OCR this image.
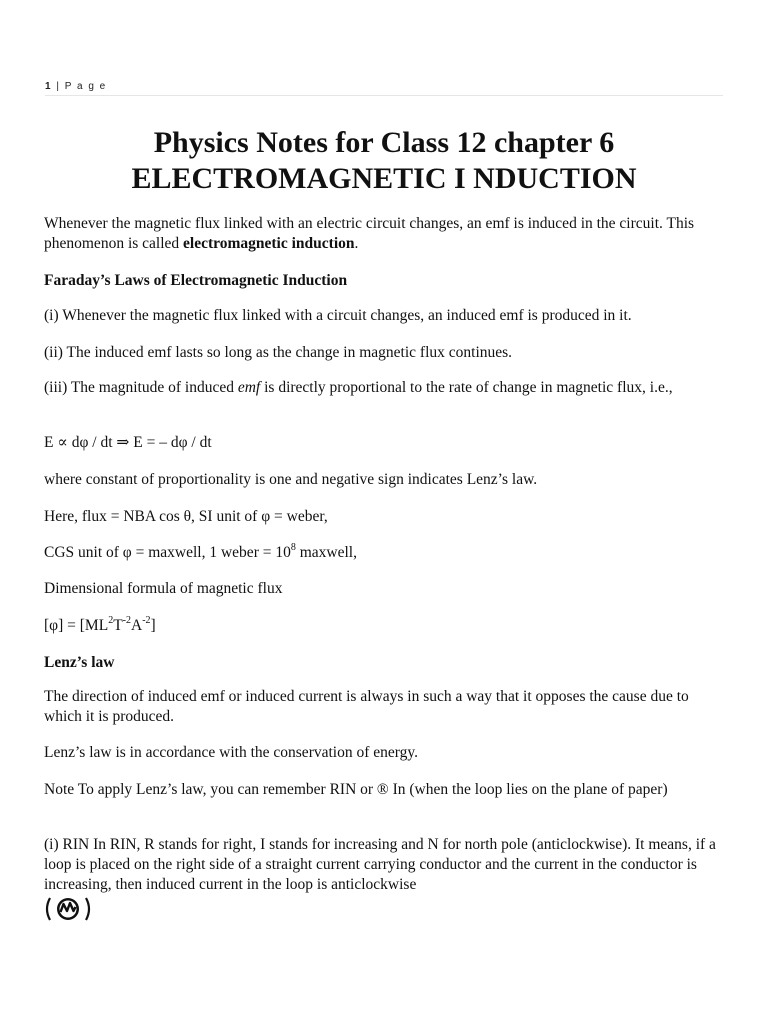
1 | P a g e
Physics Notes for Class 12 chapter 6
ELECTROMAGNETIC I NDUCTION
Whenever the magnetic flux linked with an electric circuit changes, an emf is induced in the circuit. This phenomenon is called electromagnetic induction.
Faraday’s Laws of Electromagnetic Induction
(i) Whenever the magnetic flux linked with a circuit changes, an induced emf is produced in it.
(ii) The induced emf lasts so long as the change in magnetic flux continues.
(iii) The magnitude of induced emf is directly proportional to the rate of change in magnetic flux, i.e.,
E ∝ dφ / dt ⇒ E = – dφ / dt
where constant of proportionality is one and negative sign indicates Lenz’s law.
Here, flux = NBA cos θ, SI unit of φ = weber,
CGS unit of φ = maxwell, 1 weber = $10^8$ maxwell,
Dimensional formula of magnetic flux
$[\varphi] = [ML^2T^{-2}A^{-2}]$
Lenz’s law
The direction of induced emf or induced current is always in such a way that it opposes the cause due to which it is produced.
Lenz’s law is in accordance with the conservation of energy.
Note To apply Lenz’s law, you can remember RIN or ® In (when the loop lies on the plane of paper)
(i) RIN In RIN, R stands for right, I stands for increasing and N for north pole (anticlockwise). It means, if a loop is placed on the right side of a straight current carrying conductor and the current in the conductor is increasing, then induced current in the loop is anticlockwise
